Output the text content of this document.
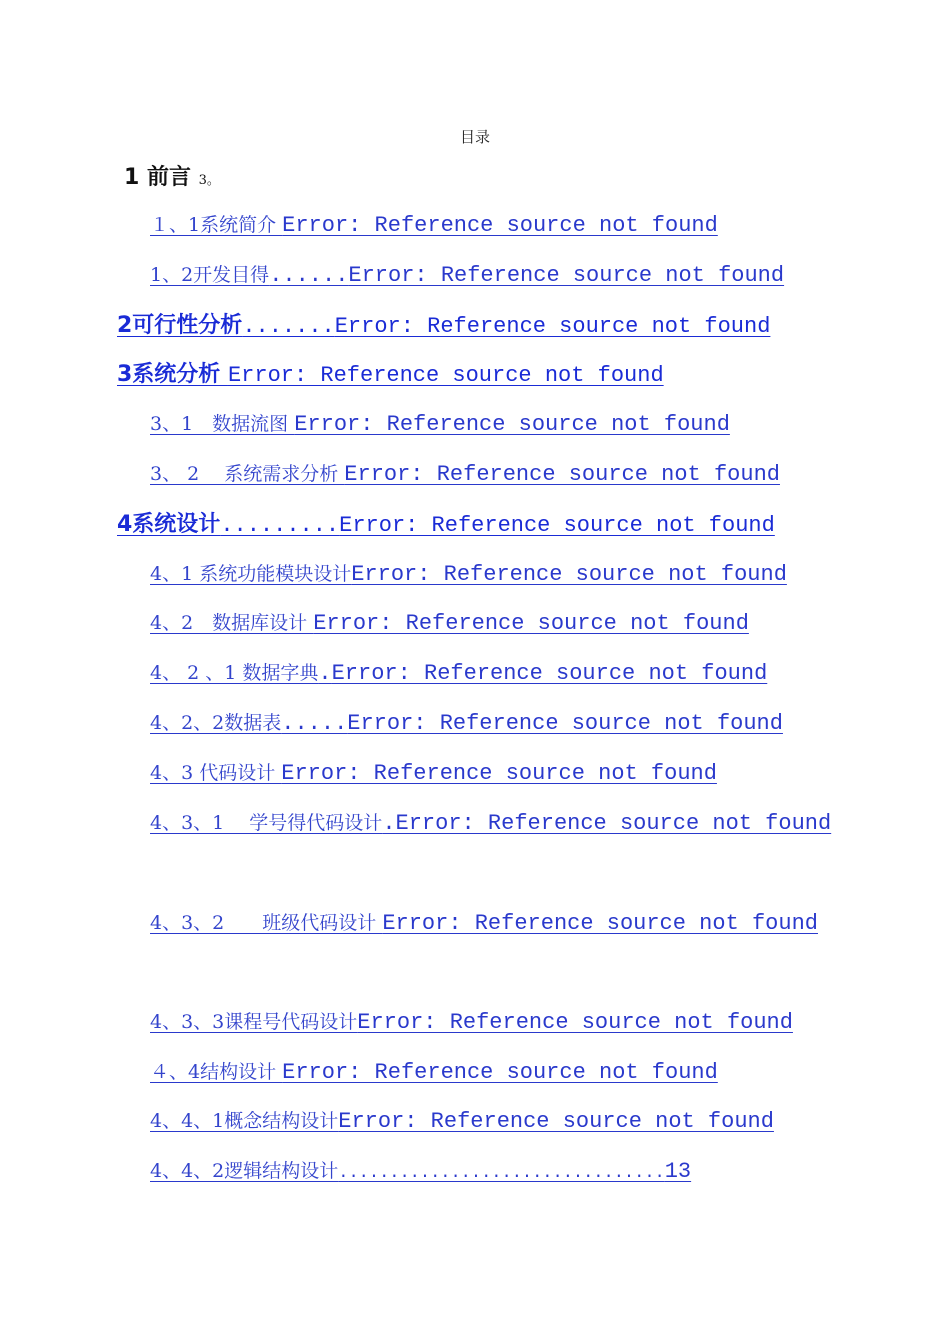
目录
1 前言 3。
１、1系统简介 Error: Reference source not found
1、2开发目得......Error: Reference source not found
2可行性分析.......Error: Reference source not found
3系统分析 Error: Reference source not found
3、1　数据流图 Error: Reference source not found
3、 2　 系统需求分析 Error: Reference source not found
4系统设计.........Error: Reference source not found
4、1 系统功能模块设计Error: Reference source not found
4、2　数据库设计 Error: Reference source not found
4、 2 、1 数据字典.Error: Reference source not found
4、2、2数据表.....Error: Reference source not found
4、3 代码设计 Error: Reference source not found
4、3、1　 学号得代码设计.Error: Reference source not found
4、3、2　　班级代码设计 Error: Reference source not found
4、3、3课程号代码设计Error: Reference source not found
４、4结构设计 Error: Reference source not found
4、4、1概念结构设计Error: Reference source not found
4、4、2逻辑结构设计................................13
